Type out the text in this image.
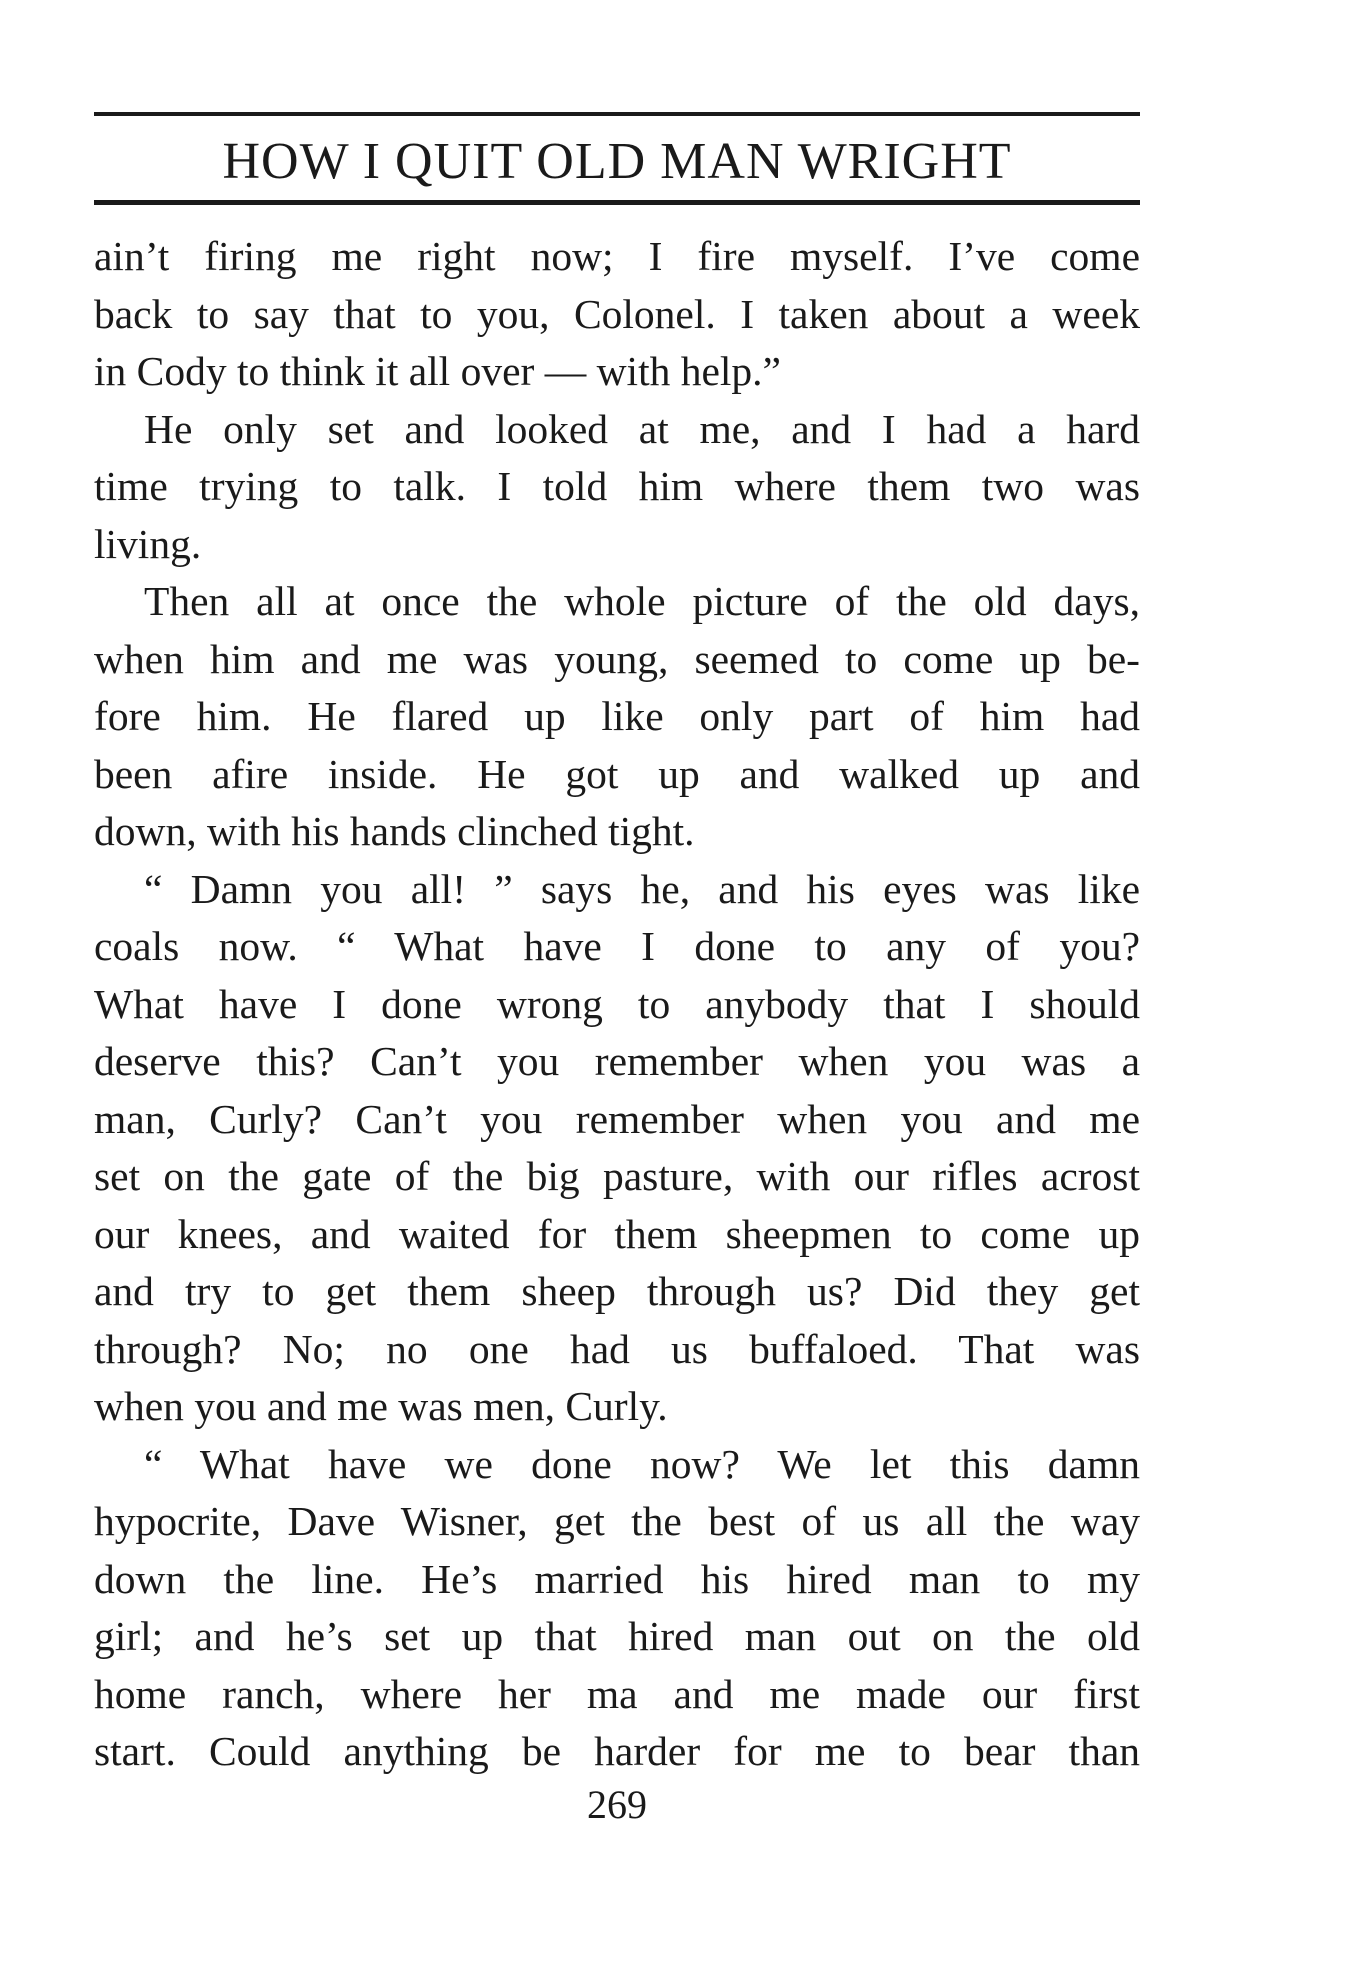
HOW I QUIT OLD MAN WRIGHT
ain’t firing me right now; I fire myself. I’ve come
back to say that to you, Colonel. I taken about a week
in Cody to think it all over — with help.”
He only set and looked at me, and I had a hard
time trying to talk. I told him where them two was
living.
Then all at once the whole picture of the old days,
when him and me was young, seemed to come up be-
fore him. He flared up like only part of him had
been afire inside. He got up and walked up and
down, with his hands clinched tight.
“ Damn you all! ” says he, and his eyes was like
coals now. “ What have I done to any of you?
What have I done wrong to anybody that I should
deserve this? Can’t you remember when you was a
man, Curly? Can’t you remember when you and me
set on the gate of the big pasture, with our rifles acrost
our knees, and waited for them sheepmen to come up
and try to get them sheep through us? Did they get
through? No; no one had us buffaloed. That was
when you and me was men, Curly.
“ What have we done now? We let this damn
hypocrite, Dave Wisner, get the best of us all the way
down the line. He’s married his hired man to my
girl; and he’s set up that hired man out on the old
home ranch, where her ma and me made our first
start. Could anything be harder for me to bear than
269
